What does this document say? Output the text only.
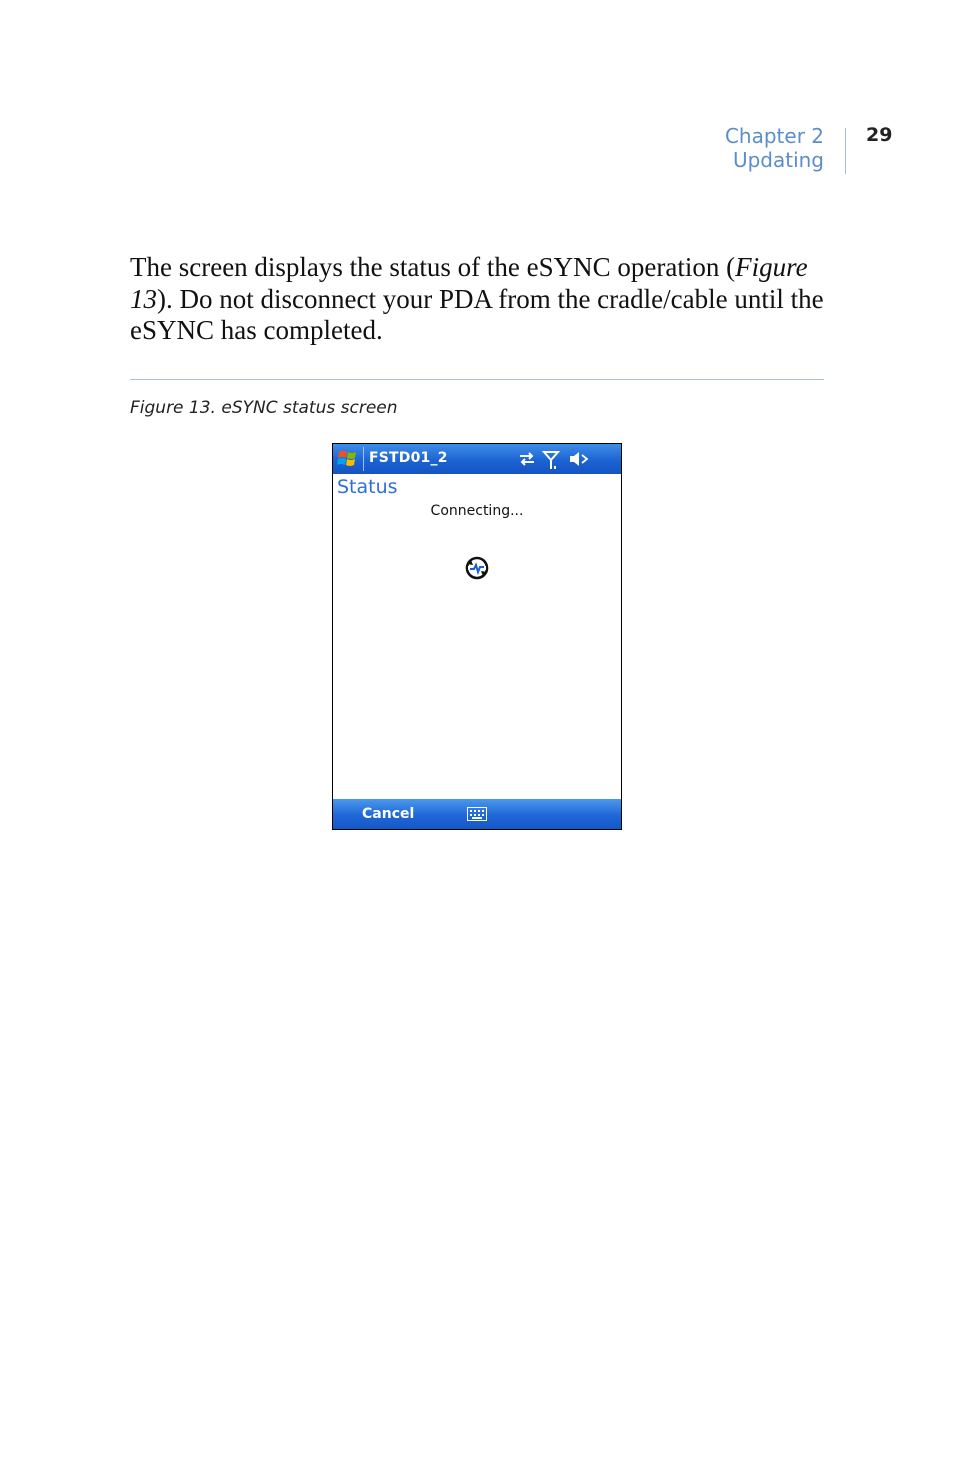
Chapter 2
Updating
29

The screen displays the status of the eSYNC operation (Figure 13). Do not disconnect your PDA from the cradle/cable until the eSYNC has completed.

Figure 13. eSYNC status screen
FSTD01_2
Status
Connecting...
Cancel
